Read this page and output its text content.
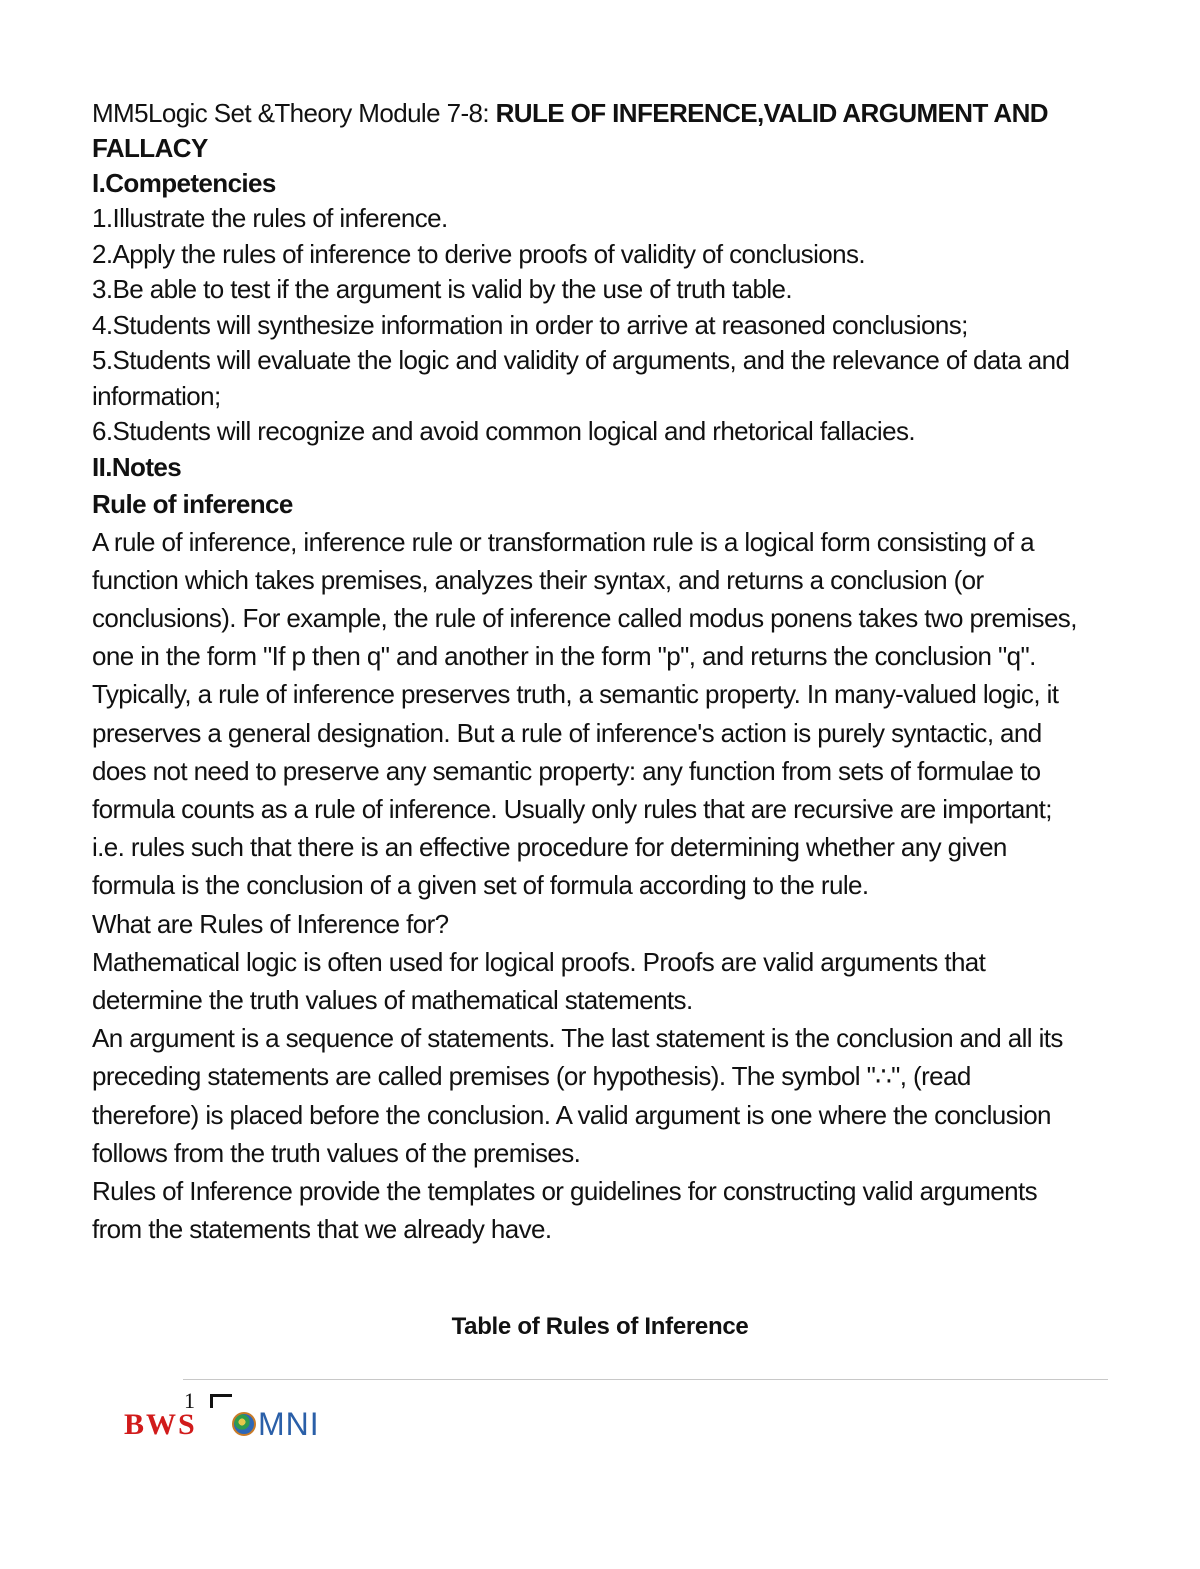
MM5Logic Set &Theory Module 7-8: RULE OF INFERENCE,VALID ARGUMENT AND

FALLACY

I.Competencies

1.Illustrate the rules of inference.

2.Apply the rules of inference to derive proofs of validity of conclusions.

3.Be able to test if the argument is valid by the use of truth table.

4.Students will synthesize information in order to arrive at reasoned conclusions;

5.Students will evaluate the logic and validity of arguments, and the relevance of data and

information;

6.Students will recognize and avoid common logical and rhetorical fallacies.

II.Notes

Rule of inference

A rule of inference, inference rule or transformation rule is a logical form consisting of a

function which takes premises, analyzes their syntax, and returns a conclusion (or

conclusions). For example, the rule of inference called modus ponens takes two premises,

one in the form "If p then q" and another in the form "p", and returns the conclusion "q".

Typically, a rule of inference preserves truth, a semantic property. In many-valued logic, it

preserves a general designation. But a rule of inference's action is purely syntactic, and

does not need to preserve any semantic property: any function from sets of formulae to

formula counts as a rule of inference. Usually only rules that are recursive are important;

i.e. rules such that there is an effective procedure for determining whether any given

formula is the conclusion of a given set of formula according to the rule.

What are Rules of Inference for?

Mathematical logic is often used for logical proofs. Proofs are valid arguments that

determine the truth values of mathematical statements.

An argument is a sequence of statements. The last statement is the conclusion and all its

preceding statements are called premises (or hypothesis). The symbol "∴", (read

therefore) is placed before the conclusion. A valid argument is one where the conclusion

follows from the truth values of the premises.

Rules of Inference provide the templates or guidelines for constructing valid arguments

from the statements that we already have.

Table of Rules of Inference
1
BWS MNI
